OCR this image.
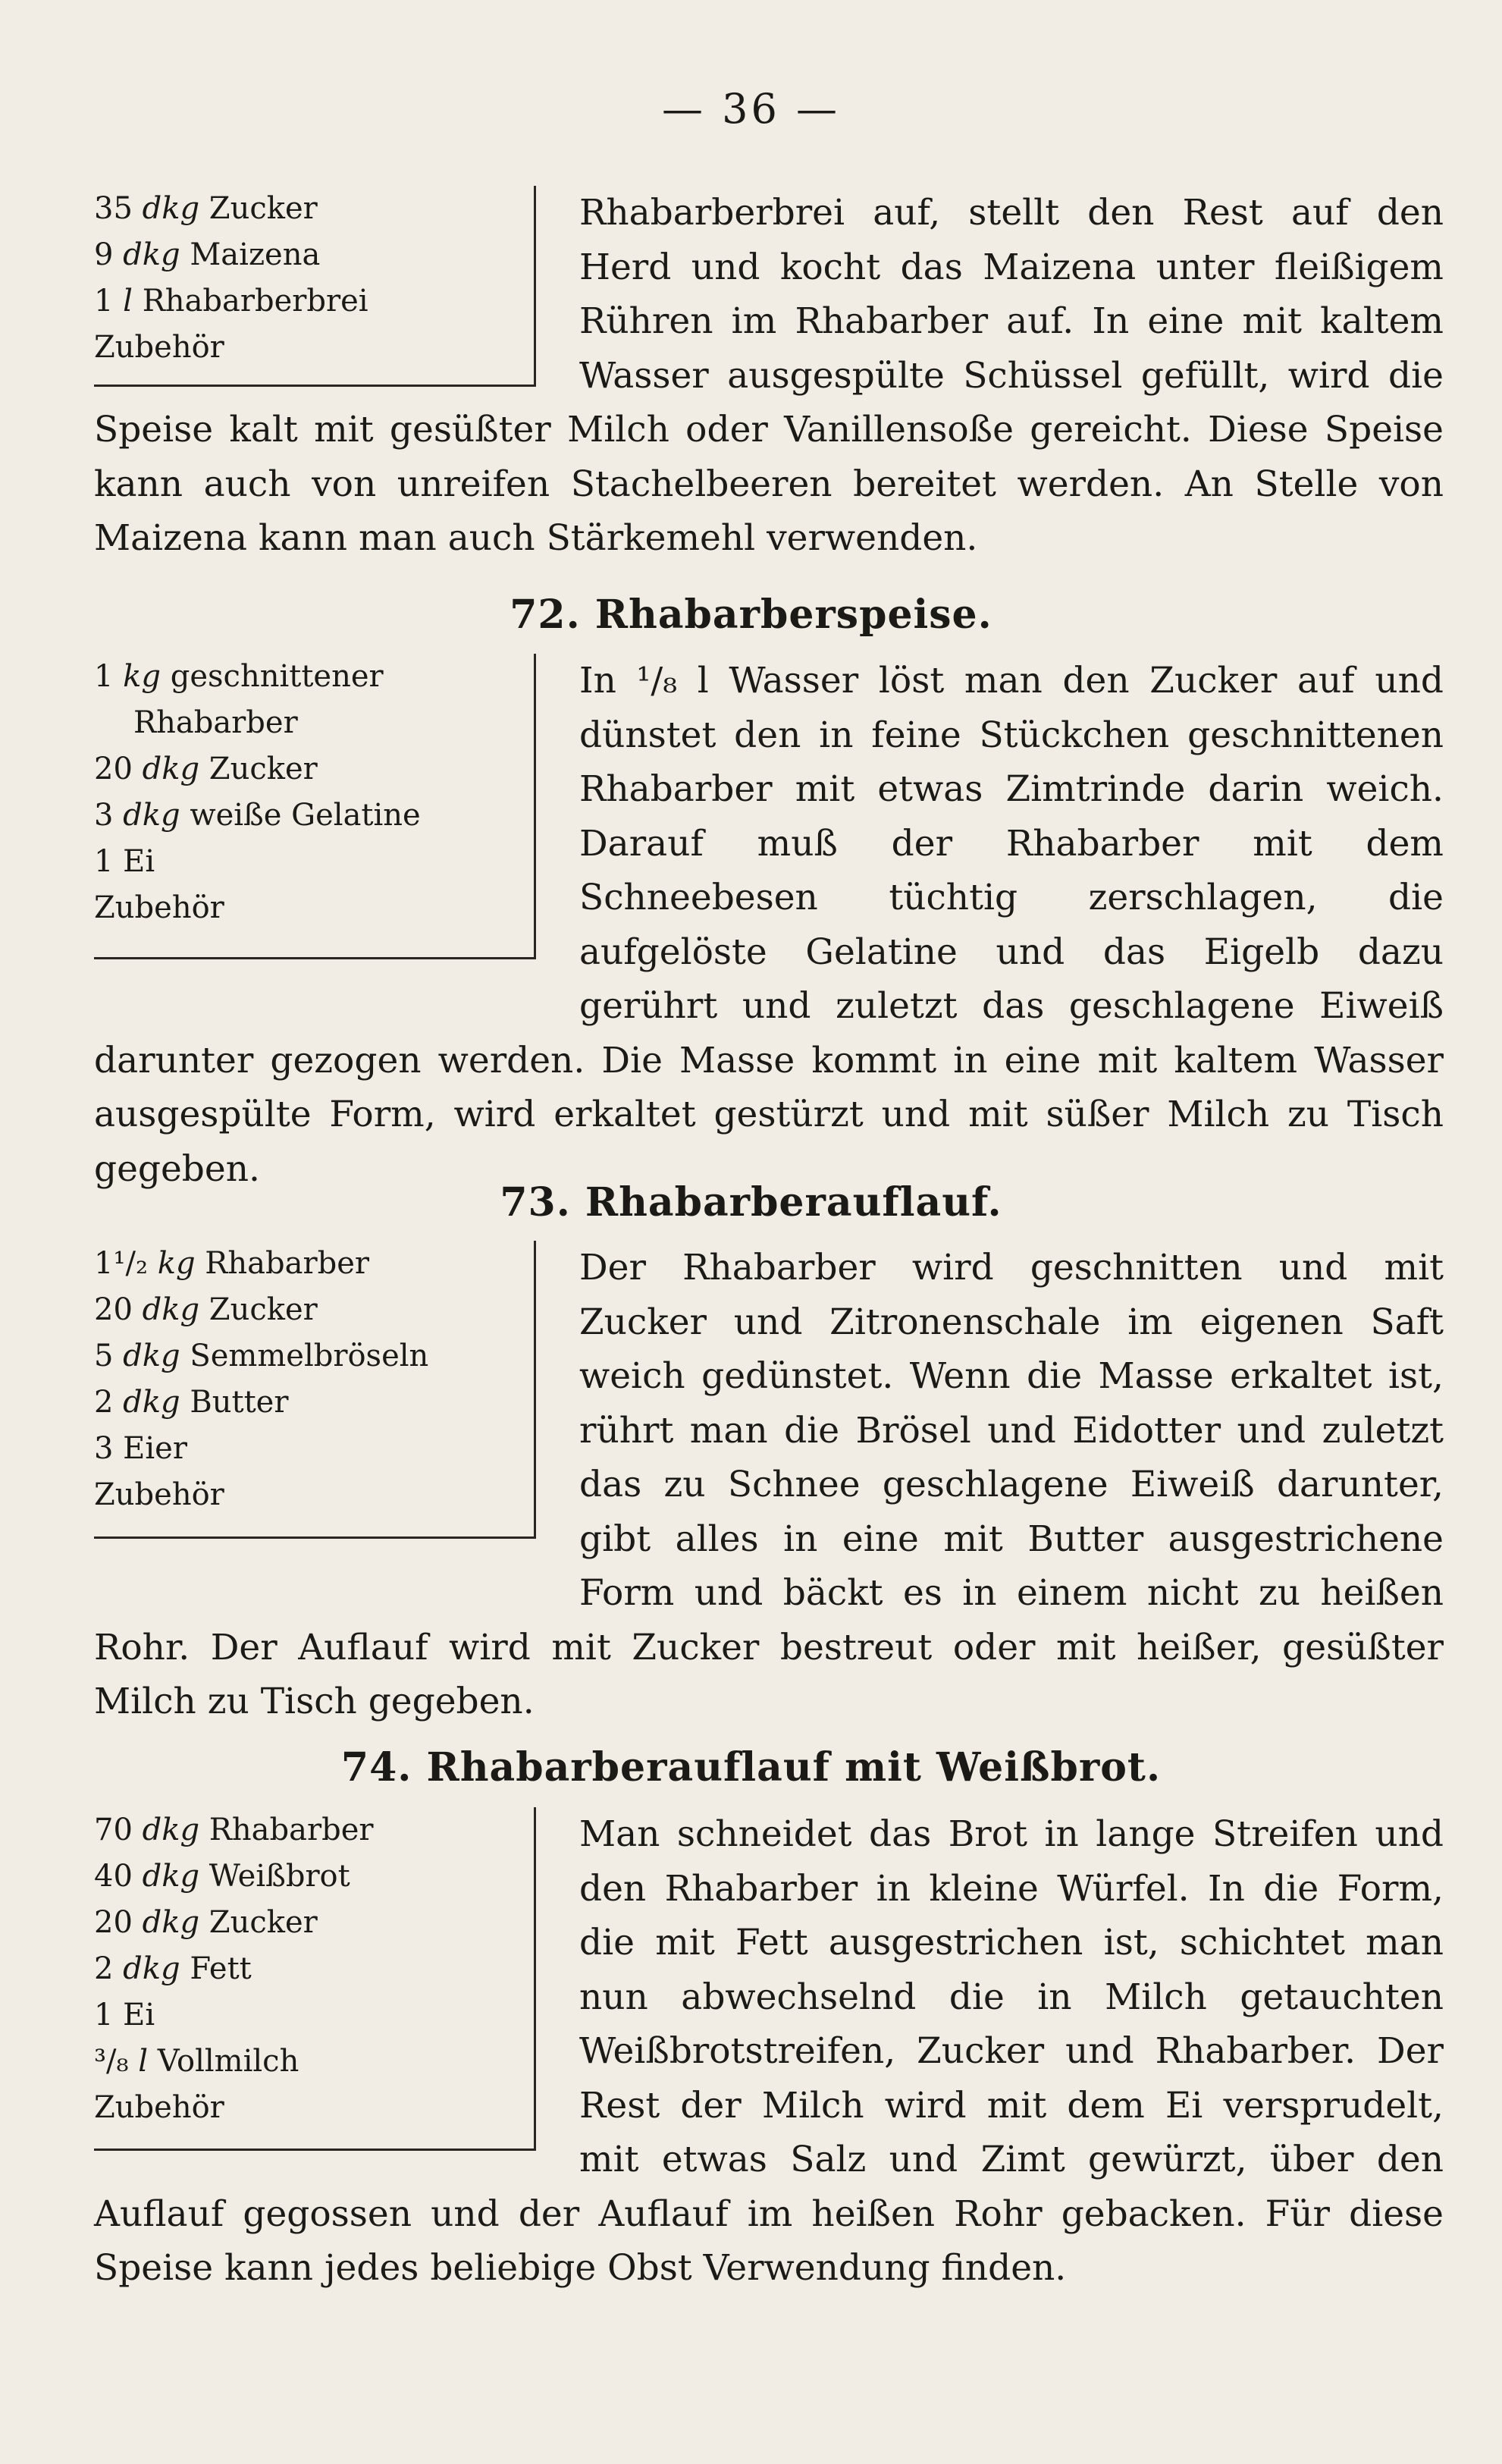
— 36 —
35 dkg Zucker
9 dkg Maizena
1 l Rhabarberbrei
Zubehör
Rhabarberbrei auf, stellt den Rest auf den Herd und kocht das Maizena unter fleißigem Rühren im Rhabarber auf. In eine mit kaltem Wasser ausgespülte Schüssel gefüllt, wird die Speise kalt mit gesüßter Milch oder Vanillensoße gereicht. Diese Speise kann auch von unreifen Stachelbeeren bereitet werden. An Stelle von Maizena kann man auch Stärkemehl verwenden.
72. Rhabarberspeise.
1 kg geschnittener
Rhabarber
20 dkg Zucker
3 dkg weiße Gelatine
1 Ei
Zubehör
In ¹/₈ l Wasser löst man den Zucker auf und dünstet den in feine Stückchen geschnittenen Rhabarber mit etwas Zimtrinde darin weich. Darauf muß der Rhabarber mit dem Schneebesen tüchtig zerschlagen, die aufgelöste Gelatine und das Eigelb dazu gerührt und zuletzt das geschlagene Eiweiß darunter gezogen werden. Die Masse kommt in eine mit kaltem Wasser ausgespülte Form, wird erkaltet gestürzt und mit süßer Milch zu Tisch gegeben.
73. Rhabarberauflauf.
1¹/₂ kg Rhabarber
20 dkg Zucker
5 dkg Semmelbröseln
2 dkg Butter
3 Eier
Zubehör
Der Rhabarber wird geschnitten und mit Zucker und Zitronenschale im eigenen Saft weich gedünstet. Wenn die Masse erkaltet ist, rührt man die Brösel und Eidotter und zuletzt das zu Schnee geschlagene Eiweiß darunter, gibt alles in eine mit Butter ausgestrichene Form und bäckt es in einem nicht zu heißen Rohr. Der Auflauf wird mit Zucker bestreut oder mit heißer, gesüßter Milch zu Tisch gegeben.
74. Rhabarberauflauf mit Weißbrot.
70 dkg Rhabarber
40 dkg Weißbrot
20 dkg Zucker
2 dkg Fett
1 Ei
³/₈ l Vollmilch
Zubehör
Man schneidet das Brot in lange Streifen und den Rhabarber in kleine Würfel. In die Form, die mit Fett ausgestrichen ist, schichtet man nun abwechselnd die in Milch getauchten Weißbrotstreifen, Zucker und Rhabarber. Der Rest der Milch wird mit dem Ei versprudelt, mit etwas Salz und Zimt gewürzt, über den Auflauf gegossen und der Auflauf im heißen Rohr gebacken. Für diese Speise kann jedes beliebige Obst Verwendung finden.
